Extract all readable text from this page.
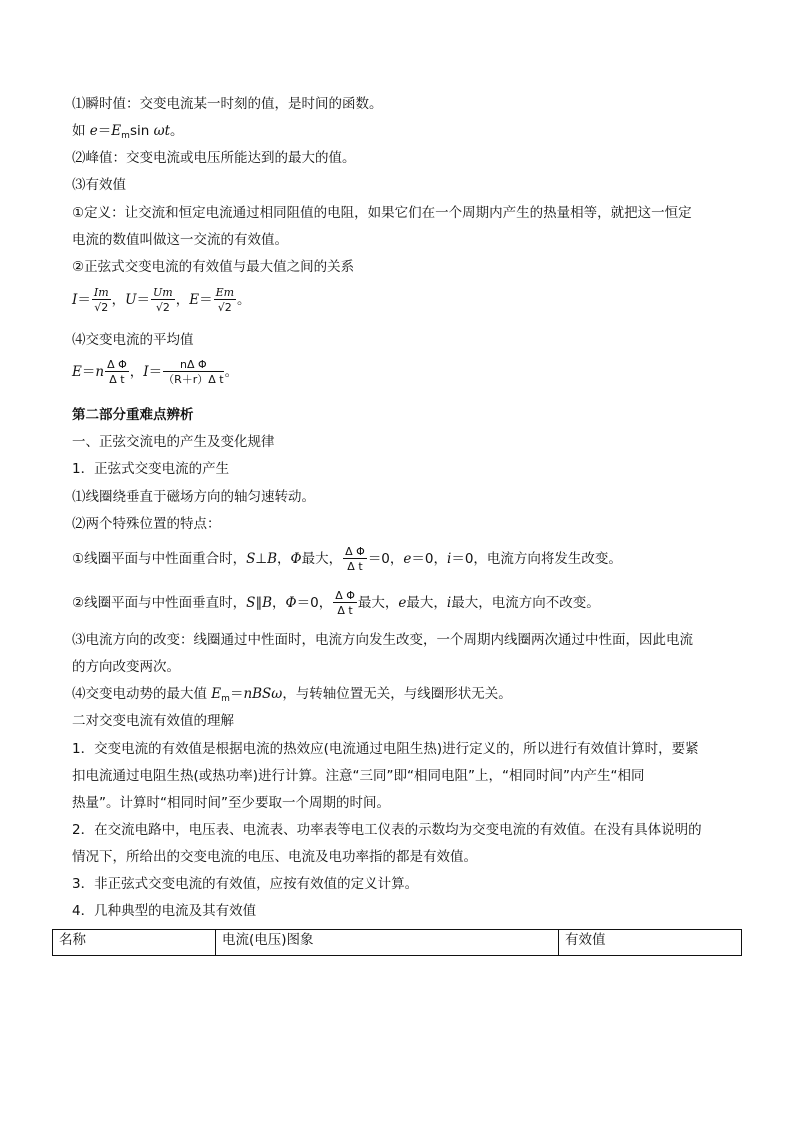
⑴瞬时值：交变电流某一时刻的值，是时间的函数。
如 $e=E_m\sin$ ωt。
⑵峰值：交变电流或电压所能达到的最大的值。
⑶有效值
①定义：让交流和恒定电流通过相同阻值的电阻，如果它们在一个周期内产生的热量相等，就把这一恒定
电流的数值叫做这一交流的有效值。
②正弦式交变电流的有效值与最大值之间的关系
$I= \frac{Im}{√2}$ ，$U= \frac{Um}{√2}$ ，$E= \frac{Em}{√2}$ 。
⑷交变电流的平均值
$E=n \frac{\text{Δ Φ}}{\text{Δ t}}$ ，$I= \frac{\text{nΔ Φ}}{\text{（R＋r）Δ t}}$ 。
第二部分重难点辨析
一、正弦交流电的产生及变化规律
1．正弦式交变电流的产生
⑴线圈绕垂直于磁场方向的轴匀速转动。
⑵两个特殊位置的特点：
①线圈平面与中性面重合时，S⊥B，Φ最大， $\frac{\text{Δ Φ}}{\text{Δ t}} =0$，e＝0，i＝0，电流方向将发生改变。
②线圈平面与中性面垂直时，S∥B，Φ＝0， $\frac{\text{Δ Φ}}{\text{Δ t}}$ 最大，e最大，i最大，电流方向不改变。
⑶电流方向的改变：线圈通过中性面时，电流方向发生改变，一个周期内线圈两次通过中性面，因此电流
的方向改变两次。
⑷交变电动势的最大值 $E_m=nBS\omega$，与转轴位置无关，与线圈形状无关。
二对交变电流有效值的理解
1．交变电流的有效值是根据电流的热效应(电流通过电阻生热)进行定义的，所以进行有效值计算时，要紧
扣电流通过电阻生热(或热功率)进行计算。注意“三同”即“相同电阻”上，“相同时间”内产生“相同
热量”。计算时“相同时间”至少要取一个周期的时间。
2．在交流电路中，电压表、电流表、功率表等电工仪表的示数均为交变电流的有效值。在没有具体说明的
情况下，所给出的交变电流的电压、电流及电功率指的都是有效值。
3．非正弦式交变电流的有效值，应按有效值的定义计算。
4．几种典型的电流及其有效值
名称	电流(电压)图象	有效值
